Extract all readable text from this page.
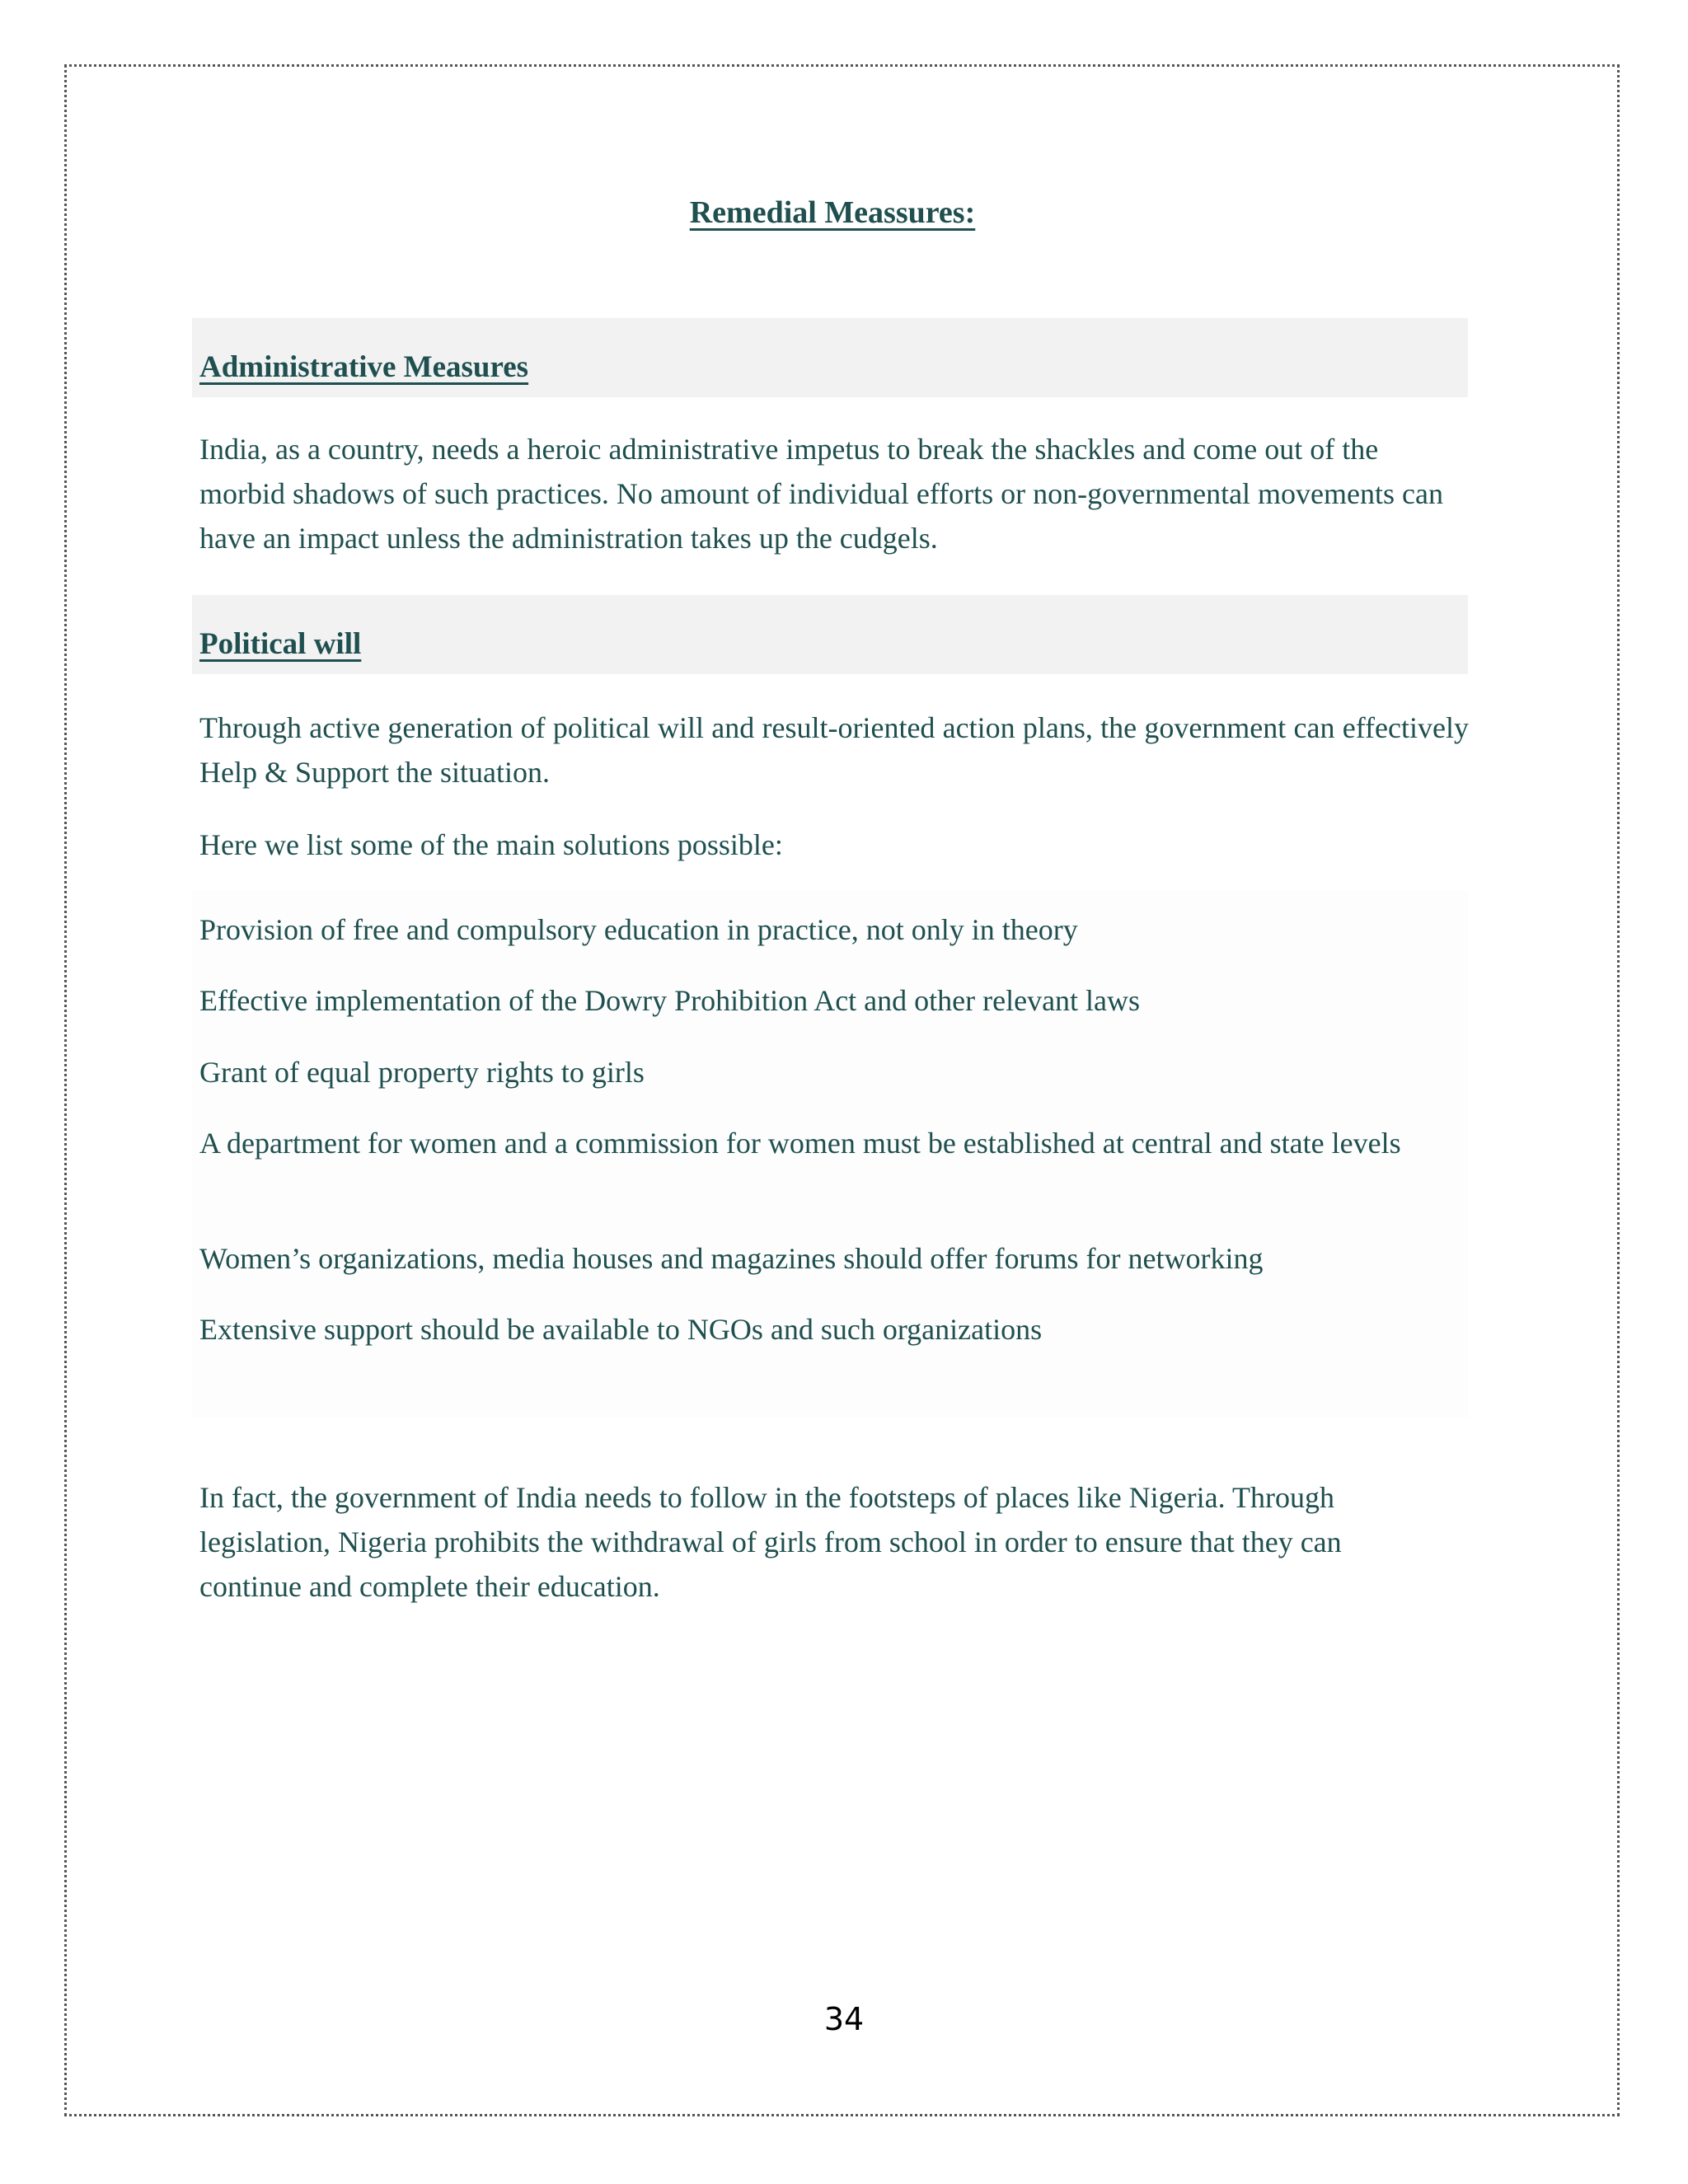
Remedial Meassures:
Administrative Measures
India, as a country, needs a heroic administrative impetus to break the shackles and come out of the morbid shadows of such practices. No amount of individual efforts or non-governmental movements can have an impact unless the administration takes up the cudgels.
Political will
Through active generation of political will and result-oriented action plans, the government can effectively Help & Support the situation.
Here we list some of the main solutions possible:
Provision of free and compulsory education in practice, not only in theory
Effective implementation of the Dowry Prohibition Act and other relevant laws
Grant of equal property rights to girls
A department for women and a commission for women must be established at central and state levels
Women’s organizations, media houses and magazines should offer forums for networking
Extensive support should be available to NGOs and such organizations
In fact, the government of India needs to follow in the footsteps of places like Nigeria. Through legislation, Nigeria prohibits the withdrawal of girls from school in order to ensure that they can continue and complete their education.
34
